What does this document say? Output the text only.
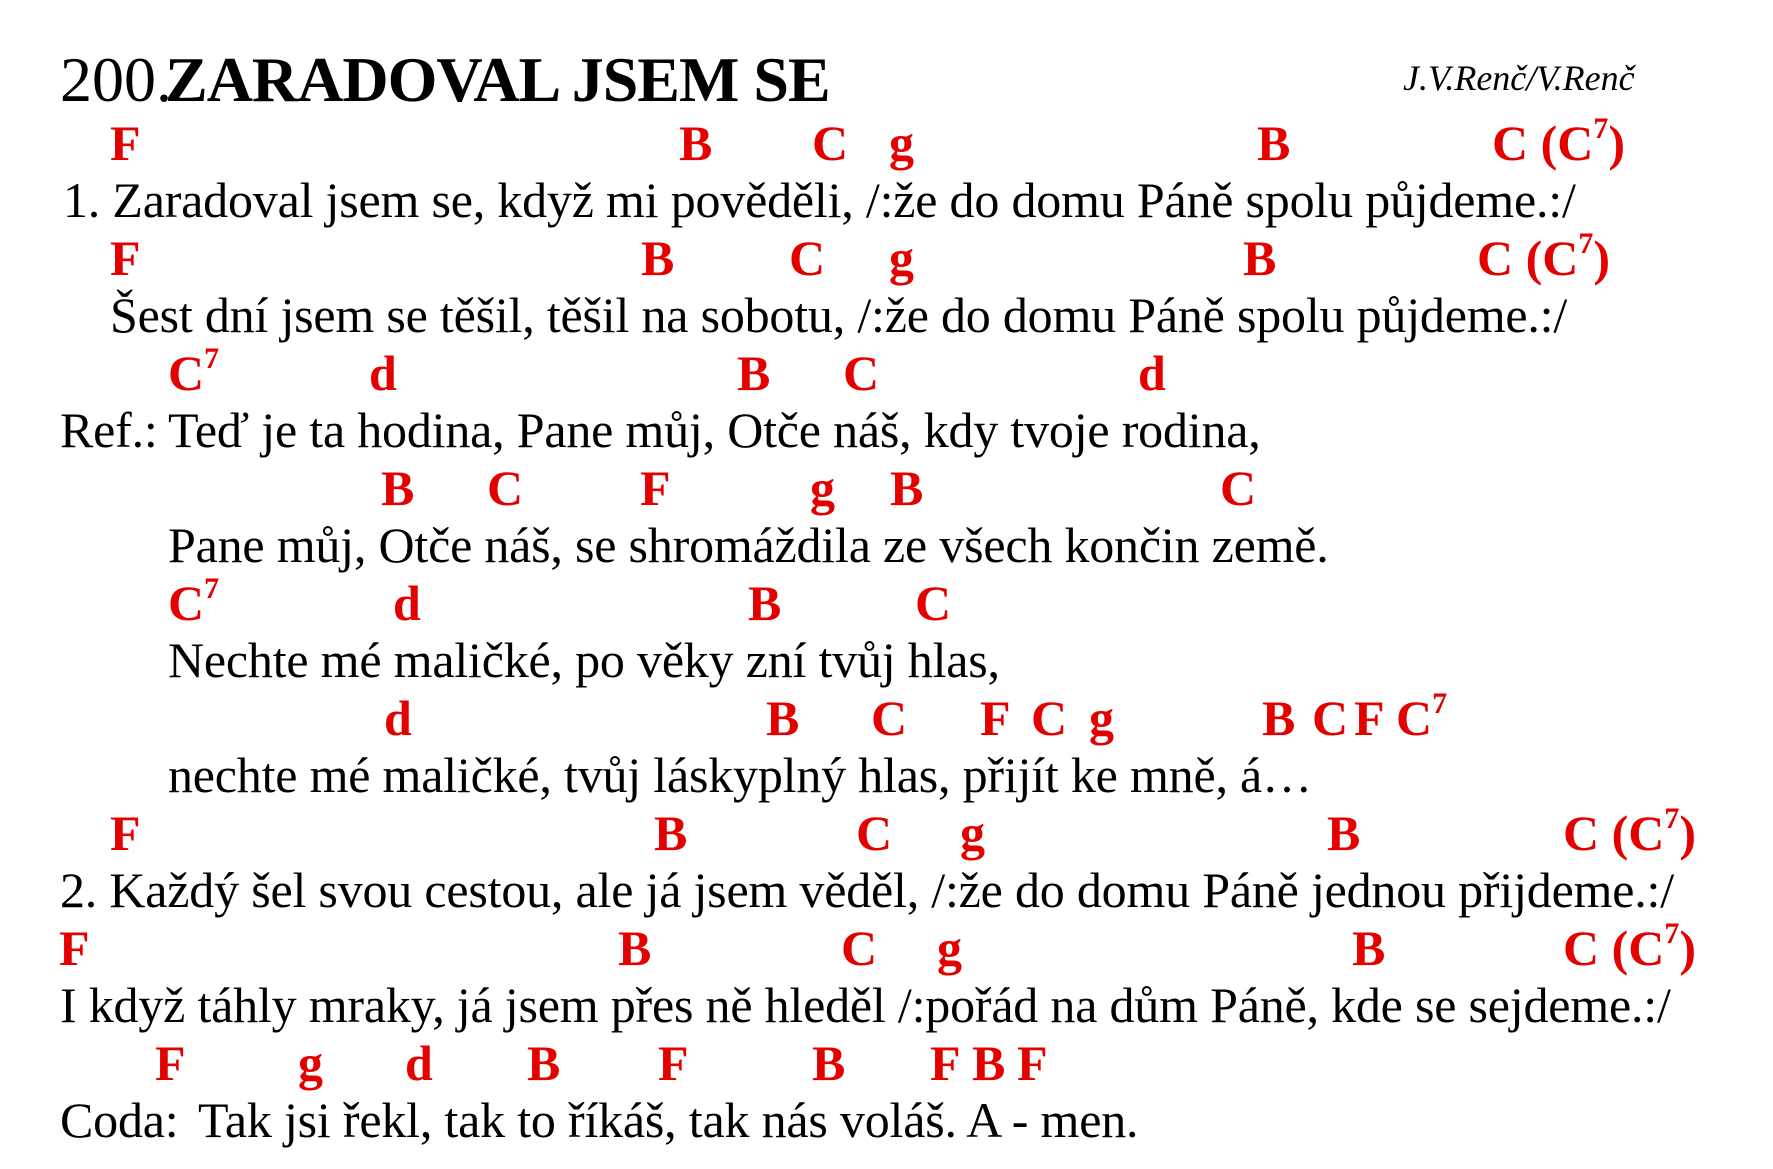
200.
ZARADOVAL JSEM SE	J.V.Renč/V.Renč
F	B C g	B	C $(C^7)$
1. Zaradoval jsem se, když mi pověděli, /:že do domu Páně spolu půjdeme.:/
F	B C g	B	C $(C^7)$
Šest dní jsem se těšil, těšil na sobotu, /:že do domu Páně spolu půjdeme.:/
$C^7$	d	B C	d
Ref.: Teď je ta hodina, Pane můj, Otče náš, kdy tvoje rodina,
B C F	g B	C
Pane můj, Otče náš, se shromáždila ze všech končin země.
$C^7$	d	B	C
Nechte mé maličké, po věky zní tvůj hlas,
d	B C F C g	B C F $C^7$
nechte mé maličké, tvůj láskyplný hlas, přijít ke mně, á…
F	B	C g	B	C $(C^7)$
2. Každý šel svou cestou, ale já jsem věděl, /:že do domu Páně jednou přijdeme.:/
F	B	C g	B	C $(C^7)$
I když táhly mraky, já jsem přes ně hleděl /:pořád na dům Páně, kde se sejdeme.:/
F g d B F B F B F
Coda: Tak jsi řekl, tak to říkáš, tak nás voláš. A - men.
